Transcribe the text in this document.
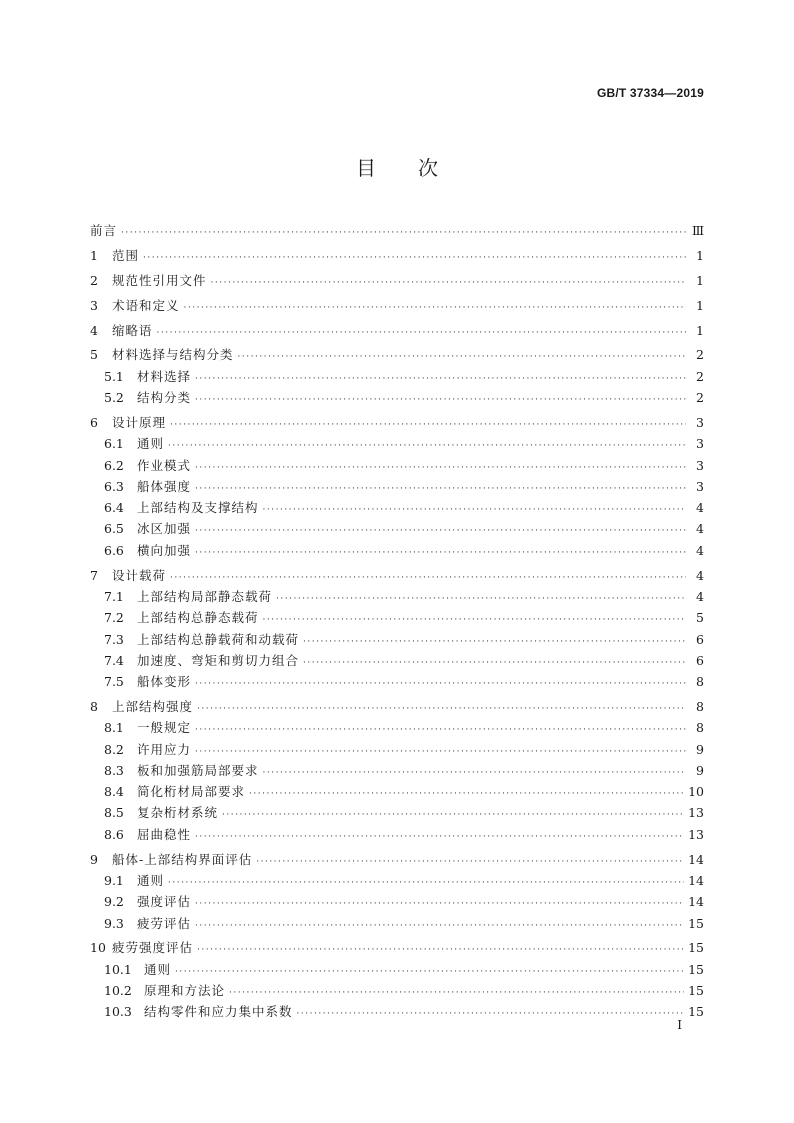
GB/T 37334—2019
目 次
前言 ·····	Ⅲ
1	范围 ·····	1
2	规范性引用文件 ·····	1
3	术语和定义 ·····	1
4	缩略语 ·····	1
5	材料选择与结构分类 ·····	2
5.1	材料选择 ·····	2
5.2	结构分类 ·····	2
6	设计原理 ·····	3
6.1	通则 ·····	3
6.2	作业模式 ·····	3
6.3	船体强度 ·····	3
6.4	上部结构及支撑结构 ·····	4
6.5	冰区加强 ·····	4
6.6	横向加强 ·····	4
7	设计载荷 ·····	4
7.1	上部结构局部静态载荷 ·····	4
7.2	上部结构总静态载荷 ·····	5
7.3	上部结构总静载荷和动载荷 ·····	6
7.4	加速度、弯矩和剪切力组合 ·····	6
7.5	船体变形 ·····	8
8	上部结构强度 ·····	8
8.1	一般规定 ·····	8
8.2	许用应力 ·····	9
8.3	板和加强筋局部要求 ·····	9
8.4	简化桁材局部要求 ·····	10
8.5	复杂桁材系统 ·····	13
8.6	屈曲稳性 ·····	13
9	船体-上部结构界面评估 ·····	14
9.1	通则 ·····	14
9.2	强度评估 ·····	14
9.3	疲劳评估 ·····	15
10 疲劳强度评估 ·····	15
10.1 通则 ·····	15
10.2 原理和方法论 ·····	15
10.3 结构零件和应力集中系数 ·····	15
I
